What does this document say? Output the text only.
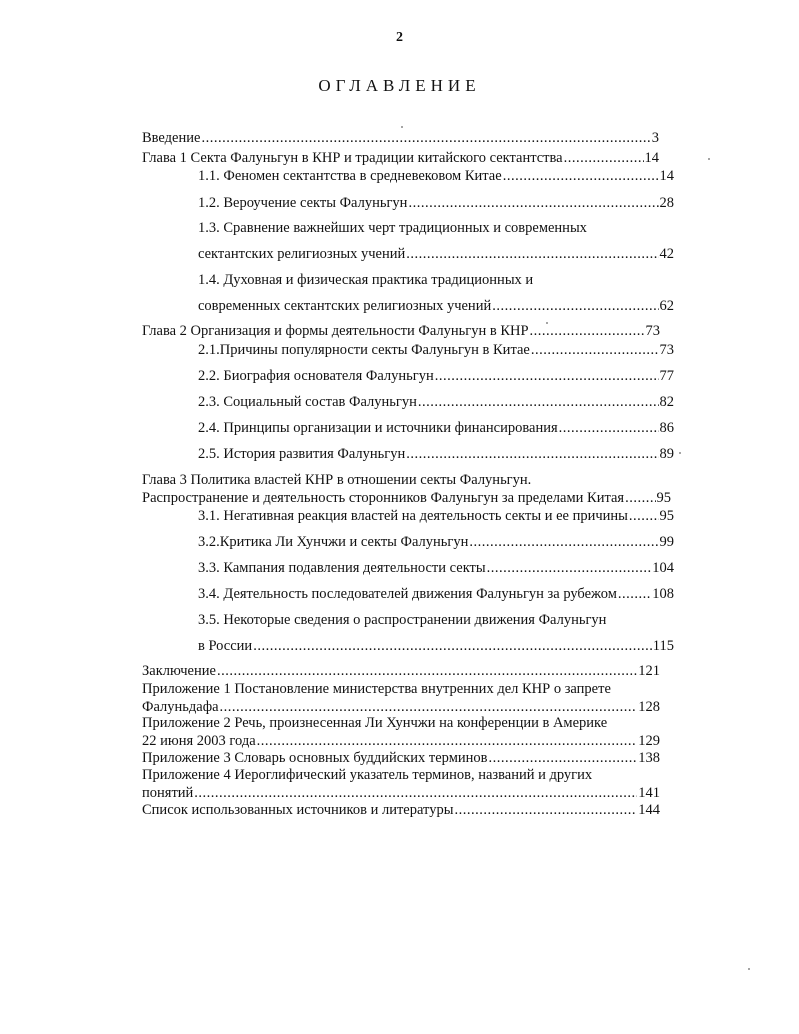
2
ОГЛАВЛЕНИЕ
Введение .....	3
Глава 1 Секта Фалуньгун в КНР и традиции китайского сектантства .....	14
1.1. Феномен сектантства в средневековом Китае .....	14
1.2. Вероучение секты Фалуньгун .....	28
1.3. Сравнение важнейших черт традиционных и современных
сектантских религиозных учений .....	42
1.4. Духовная и физическая практика традиционных и
современных сектантских религиозных учений .....	62
Глава 2 Организация и формы деятельности Фалуньгун в КНР .....	73
2.1.Причины популярности секты Фалуньгун в Китае .....	73
2.2. Биография основателя Фалуньгун .....	77
2.3. Социальный состав Фалуньгун .....	82
2.4. Принципы организации и источники финансирования .....	86
2.5. История развития Фалуньгун .....	89
Глава 3 Политика властей КНР в отношении секты Фалуньгун.
Распространение и деятельность сторонников Фалуньгун за пределами Китая ..... 95
3.1. Негативная реакция властей на деятельность секты и ее причины ..... 95
3.2.Критика Ли Хунчжи и секты Фалуньгун .....	99
3.3. Кампания подавления деятельности секты .....	104
3.4. Деятельность последователей движения Фалуньгун за рубежом ..... 108
3.5. Некоторые сведения о распространении движения Фалуньгун
в России .....	115
Заключение .....	121
Приложение 1 Постановление министерства внутренних дел КНР о запрете
Фалуньдафа .....	128
Приложение 2 Речь, произнесенная Ли Хунчжи на конференции в Америке
22 июня 2003 года .....	129
Приложение 3 Словарь основных буддийских терминов .....	138
Приложение 4 Иероглифический указатель терминов, названий и других
понятий .....	141
Список использованных источников и литературы .....	144
